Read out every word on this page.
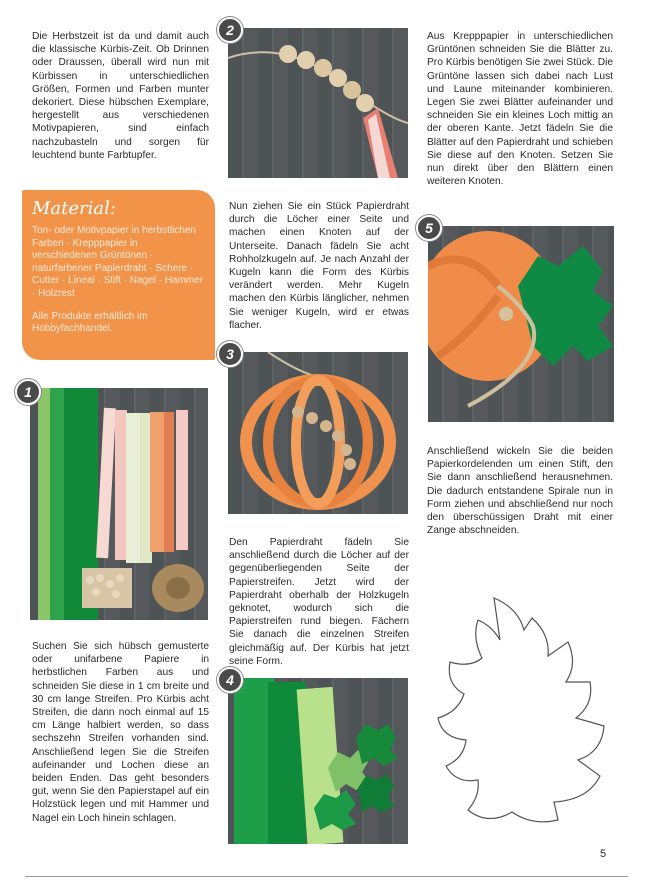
Die Herbstzeit ist da und damit auch die klassische Kürbis-Zeit. Ob Drinnen oder Draussen, überall wird nun mit Kürbissen in unterschiedlichen Größen, Formen und Farben munter dekoriert. Diese hübschen Exemplare, hergestellt aus verschiedenen Motivpapieren, sind einfach nachzubasteln und sorgen für leuchtend bunte Farbtupfer.

Material:

Ton- oder Motivpapier in herbstlichen Farben · Krepppapier in verschiedenen Grüntönen · naturfarbener Papierdraht · Schere · Cutter · Lineal · Stift · Nagel · Hammer · Holzrest

Alle Produkte erhältlich im Hobbyfachhandel.

1

Suchen Sie sich hübsch gemusterte oder unifarbene Papiere in herbstlichen Farben aus und schneiden Sie diese in 1 cm breite und 30 cm lange Streifen. Pro Kürbis acht Streifen, die dann noch einmal auf 15 cm Länge halbiert werden, so dass sechszehn Streifen vorhanden sind. Anschließend legen Sie die Streifen aufeinander und Lochen diese an beiden Enden. Das geht besonders gut, wenn Sie den Papierstapel auf ein Holzstück legen und mit Hammer und Nagel ein Loch hinein schlagen.

2

Nun ziehen Sie ein Stück Papierdraht durch die Löcher einer Seite und machen einen Knoten auf der Unterseite. Danach fädeln Sie acht Rohholzkugeln auf. Je nach Anzahl der Kugeln kann die Form des Kürbis verändert werden. Mehr Kugeln machen den Kürbis länglicher, nehmen Sie weniger Kugeln, wird er etwas flacher.

3

Den Papierdraht fädeln Sie anschließend durch die Löcher auf der gegenüberliegenden Seite der Papierstreifen. Jetzt wird der Papierdraht oberhalb der Holzkugeln geknotet, wodurch sich die Papierstreifen rund biegen. Fächern Sie danach die einzelnen Streifen gleichmäßig auf. Der Kürbis hat jetzt seine Form.

4

Aus Krepppapier in unterschiedlichen Grüntönen schneiden Sie die Blätter zu. Pro Kürbis benötigen Sie zwei Stück. Die Grüntöne lassen sich dabei nach Lust und Laune miteinander kombinieren. Legen Sie zwei Blätter aufeinander und schneiden Sie ein kleines Loch mittig an der oberen Kante. Jetzt fädeln Sie die Blätter auf den Papierdraht und schieben Sie diese auf den Knoten. Setzen Sie nun direkt über den Blättern einen weiteren Knoten.

5

Anschließend wickeln Sie die beiden Papierkordelenden um einen Stift, den Sie dann anschließend herausnehmen. Die dadurch entstandene Spirale nun in Form ziehen und abschließend nur noch den überschüssigen Draht mit einer Zange abschneiden.

5
